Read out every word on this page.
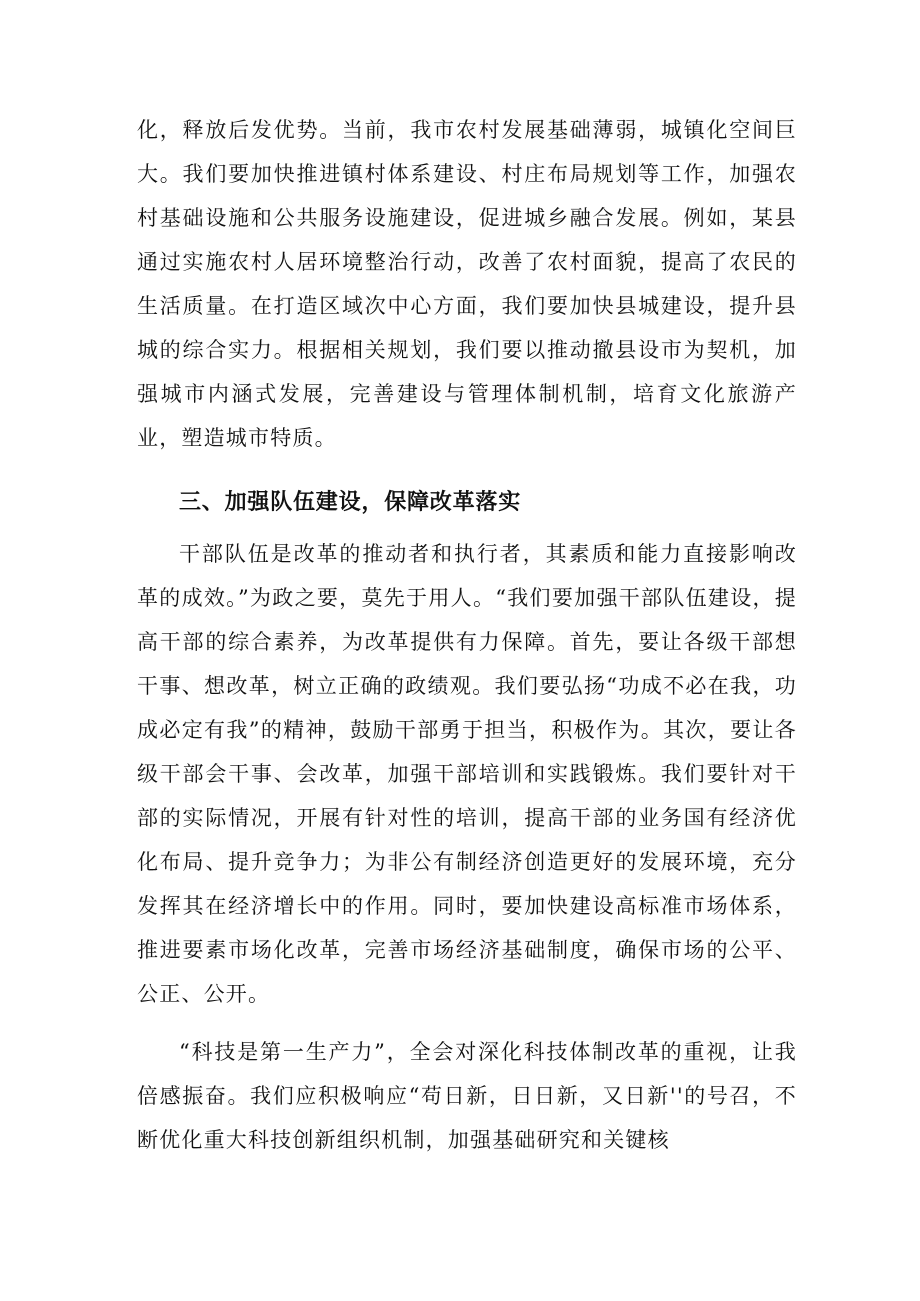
化，释放后发优势。当前，我市农村发展基础薄弱，城镇化空间巨大。我们要加快推进镇村体系建设、村庄布局规划等工作，加强农村基础设施和公共服务设施建设，促进城乡融合发展。例如，某县通过实施农村人居环境整治行动，改善了农村面貌，提高了农民的生活质量。在打造区域次中心方面，我们要加快县城建设，提升县城的综合实力。根据相关规划，我们要以推动撤县设市为契机，加强城市内涵式发展，完善建设与管理体制机制，培育文化旅游产业，塑造城市特质。

三、加强队伍建设，保障改革落实

干部队伍是改革的推动者和执行者，其素质和能力直接影响改革的成效。”为政之要，莫先于用人。“我们要加强干部队伍建设，提高干部的综合素养，为改革提供有力保障。首先，要让各级干部想干事、想改革，树立正确的政绩观。我们要弘扬“功成不必在我，功成必定有我”的精神，鼓励干部勇于担当，积极作为。其次，要让各级干部会干事、会改革，加强干部培训和实践锻炼。我们要针对干部的实际情况，开展有针对性的培训，提高干部的业务国有经济优化布局、提升竞争力；为非公有制经济创造更好的发展环境，充分发挥其在经济增长中的作用。同时，要加快建设高标准市场体系，推进要素市场化改革，完善市场经济基础制度，确保市场的公平、公正、公开。

“科技是第一生产力”，全会对深化科技体制改革的重视，让我倍感振奋。我们应积极响应“苟日新，日日新，又日新''的号召，不断优化重大科技创新组织机制，加强基础研究和关键核
